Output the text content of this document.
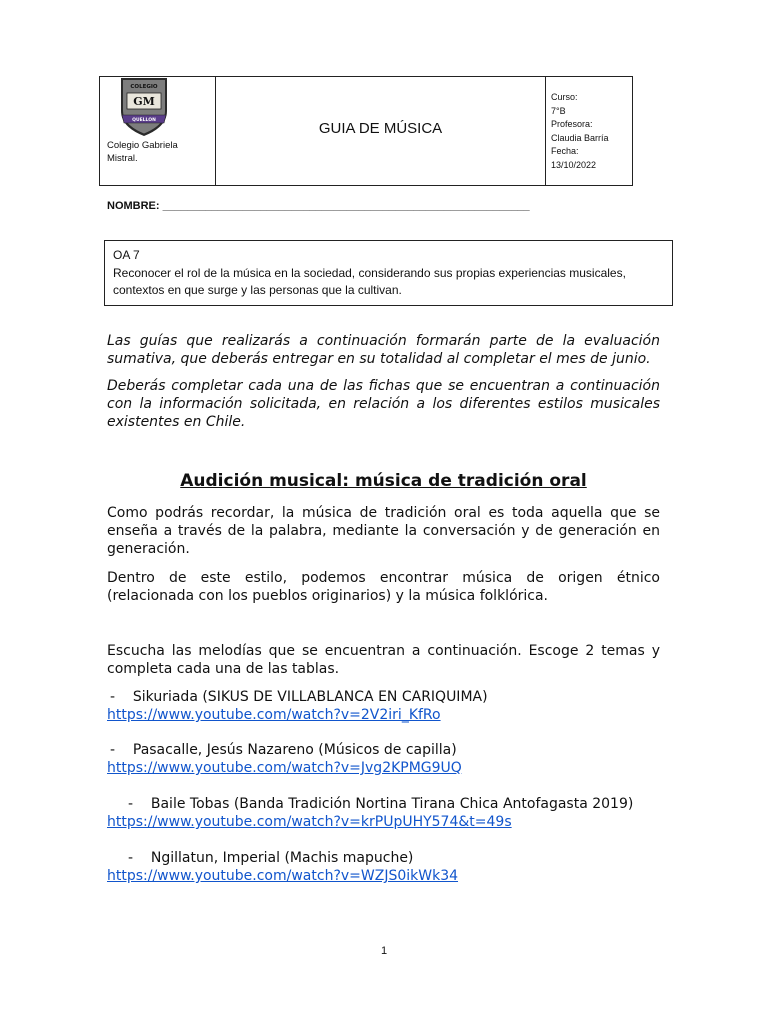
COLEGIO
GM
QUELLON
Colegio Gabriela Mistral.
GUIA DE MÚSICA
Curso:
7°B
Profesora:
Claudia Barría
Fecha:
13/10/2022
NOMBRE: ____________________________________________________________
OA 7
Reconocer el rol de la música en la sociedad, considerando sus propias experiencias musicales, contextos en que surge y las personas que la cultivan.

Las guías que realizarás a continuación formarán parte de la evaluación sumativa, que deberás entregar en su totalidad al completar el mes de junio.

Deberás completar cada una de las fichas que se encuentran a continuación con la información solicitada, en relación a los diferentes estilos musicales existentes en Chile.

Audición musical: música de tradición oral

Como podrás recordar, la música de tradición oral es toda aquella que se enseña a través de la palabra, mediante la conversación y de generación en generación.

Dentro de este estilo, podemos encontrar música de origen étnico (relacionada con los pueblos originarios) y la música folklórica.

Escucha las melodías que se encuentran a continuación. Escoge 2 temas y completa cada una de las tablas.

- Sikuriada (SIKUS DE VILLABLANCA EN CARIQUIMA)
https://www.youtube.com/watch?v=2V2iri_KfRo
- Pasacalle, Jesús Nazareno (Músicos de capilla)
https://www.youtube.com/watch?v=Jvg2KPMG9UQ
- Baile Tobas (Banda Tradición Nortina Tirana Chica Antofagasta 2019)
https://www.youtube.com/watch?v=krPUpUHY574&t=49s
- Ngillatun, Imperial (Machis mapuche)
https://www.youtube.com/watch?v=WZJS0ikWk34
1
